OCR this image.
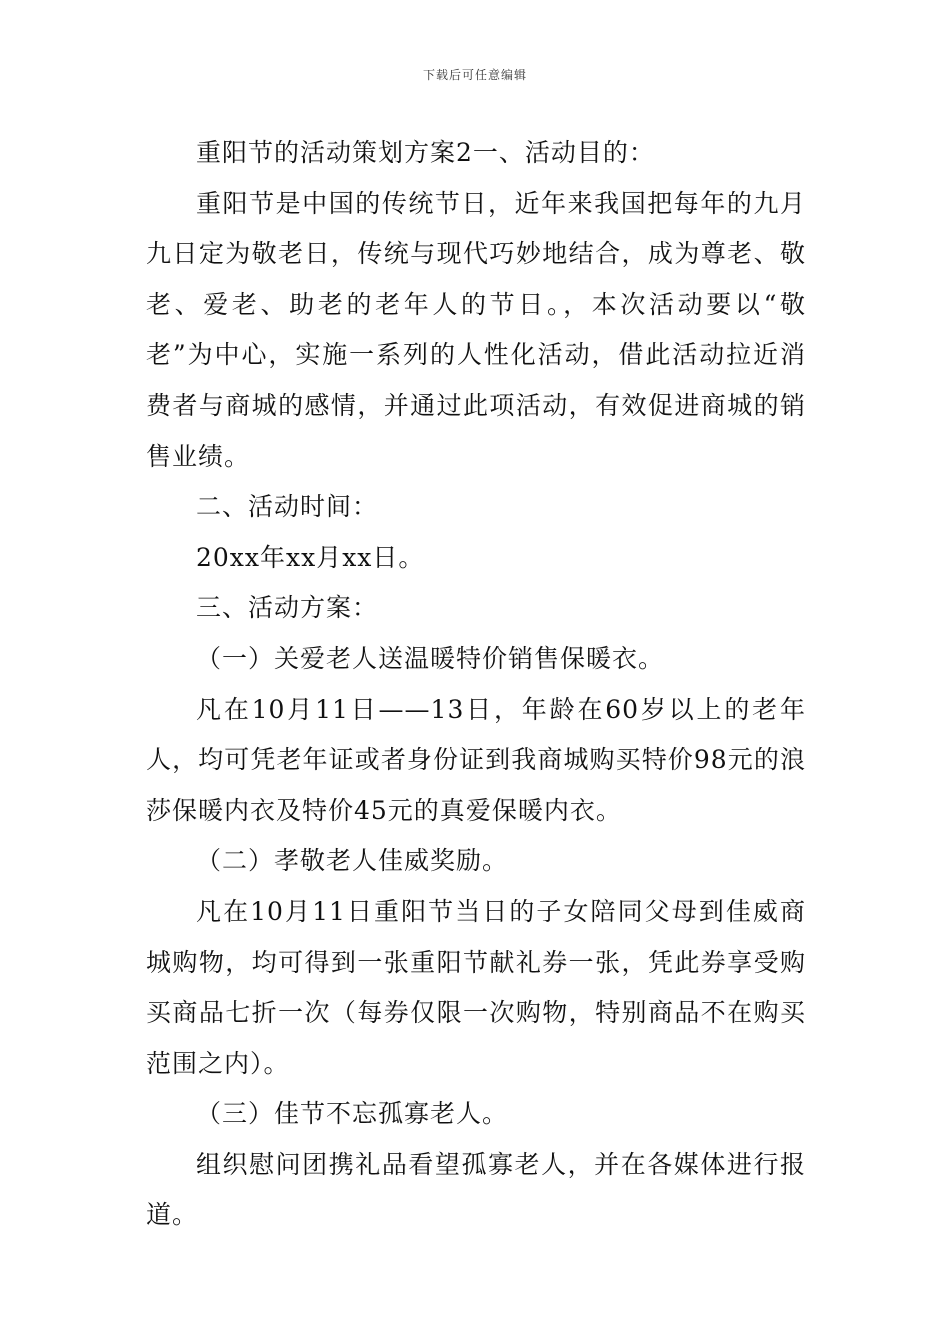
下载后可任意编辑

重阳节的活动策划方案2一、活动目的：

重阳节是中国的传统节日，近年来我国把每年的九月九日定为敬老日，传统与现代巧妙地结合，成为尊老、敬老、爱老、助老的老年人的节日。，本次活动要以“敬老”为中心，实施一系列的人性化活动，借此活动拉近消费者与商城的感情，并通过此项活动，有效促进商城的销售业绩。

二、活动时间：

20xx年xx月xx日。

三、活动方案：

（一）关爱老人送温暖特价销售保暖衣。

凡在10月11日——13日，年龄在60岁以上的老年人，均可凭老年证或者身份证到我商城购买特价98元的浪莎保暖内衣及特价45元的真爱保暖内衣。

（二）孝敬老人佳威奖励。

凡在10月11日重阳节当日的子女陪同父母到佳威商城购物，均可得到一张重阳节献礼券一张，凭此券享受购买商品七折一次（每券仅限一次购物，特别商品不在购买范围之内）。

（三）佳节不忘孤寡老人。

组织慰问团携礼品看望孤寡老人，并在各媒体进行报道。
